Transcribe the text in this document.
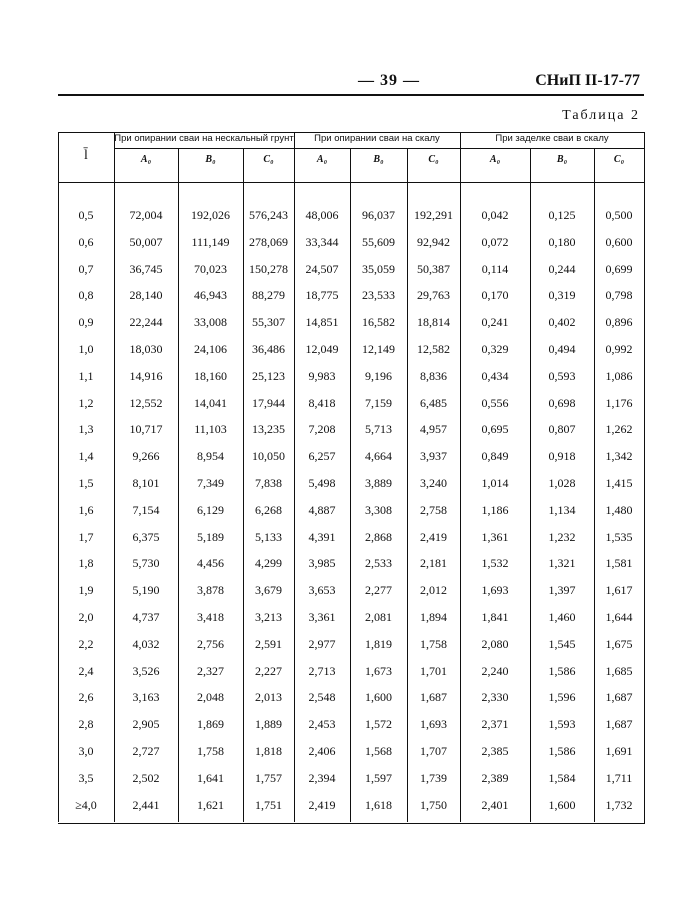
— 39 —	СНиП II-17-77
Таблица 2
При опирании сваи на нескальный грунт	При опирании сваи на скалу	При заделке сваи в скалу
l̄	A₀	B₀	C₀	A₀	B₀	C₀	A₀	B₀	C₀
0,5	72,004	192,026	576,243	48,006	96,037	192,291	0,042	0,125	0,500
0,6	50,007	111,149	278,069	33,344	55,609	92,942	0,072	0,180	0,600
0,7	36,745	70,023	150,278	24,507	35,059	50,387	0,114	0,244	0,699
0,8	28,140	46,943	88,279	18,775	23,533	29,763	0,170	0,319	0,798
0,9	22,244	33,008	55,307	14,851	16,582	18,814	0,241	0,402	0,896
1,0	18,030	24,106	36,486	12,049	12,149	12,582	0,329	0,494	0,992
1,1	14,916	18,160	25,123	9,983	9,196	8,836	0,434	0,593	1,086
1,2	12,552	14,041	17,944	8,418	7,159	6,485	0,556	0,698	1,176
1,3	10,717	11,103	13,235	7,208	5,713	4,957	0,695	0,807	1,262
1,4	9,266	8,954	10,050	6,257	4,664	3,937	0,849	0,918	1,342
1,5	8,101	7,349	7,838	5,498	3,889	3,240	1,014	1,028	1,415
1,6	7,154	6,129	6,268	4,887	3,308	2,758	1,186	1,134	1,480
1,7	6,375	5,189	5,133	4,391	2,868	2,419	1,361	1,232	1,535
1,8	5,730	4,456	4,299	3,985	2,533	2,181	1,532	1,321	1,581
1,9	5,190	3,878	3,679	3,653	2,277	2,012	1,693	1,397	1,617
2,0	4,737	3,418	3,213	3,361	2,081	1,894	1,841	1,460	1,644
2,2	4,032	2,756	2,591	2,977	1,819	1,758	2,080	1,545	1,675
2,4	3,526	2,327	2,227	2,713	1,673	1,701	2,240	1,586	1,685
2,6	3,163	2,048	2,013	2,548	1,600	1,687	2,330	1,596	1,687
2,8	2,905	1,869	1,889	2,453	1,572	1,693	2,371	1,593	1,687
3,0	2,727	1,758	1,818	2,406	1,568	1,707	2,385	1,586	1,691
3,5	2,502	1,641	1,757	2,394	1,597	1,739	2,389	1,584	1,711
≥4,0	2,441	1,621	1,751	2,419	1,618	1,750	2,401	1,600	1,732
